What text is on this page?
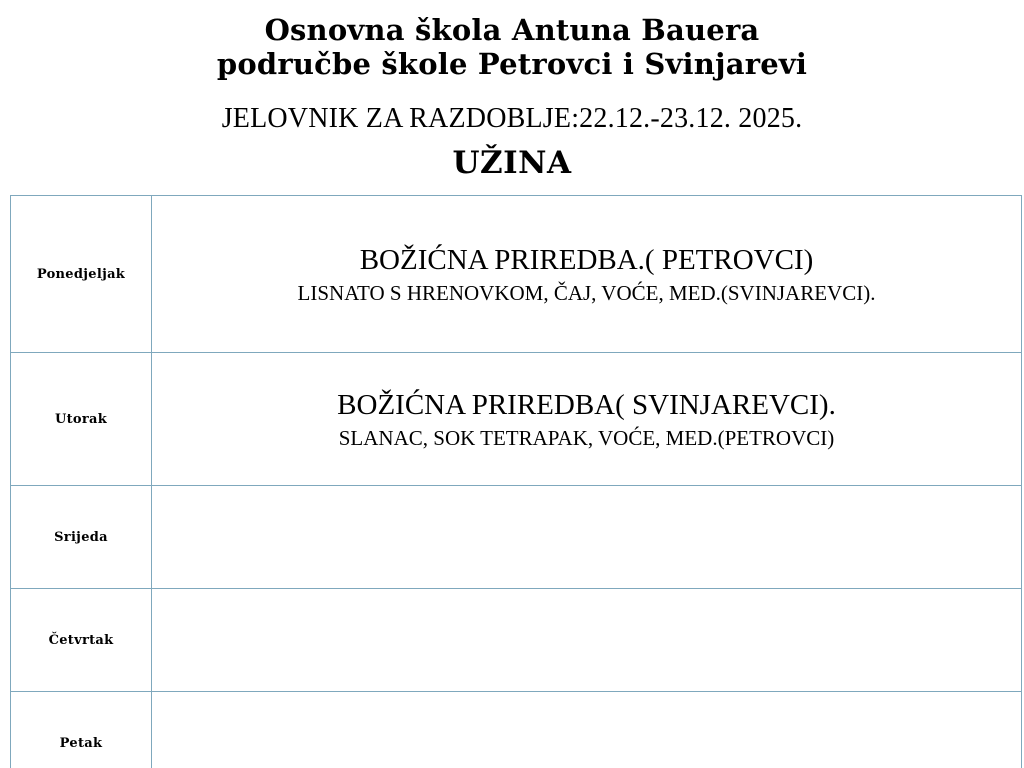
Osnovna škola Antuna Bauera
područbe škole Petrovci i Svinjarevi
JELOVNIK ZA RAZDOBLJE:22.12.-23.12. 2025.
UŽINA
Ponedjeljak	BOŽIĆNA PRIREDBA.( PETROVCI)
LISNATO S HRENOVKOM, ČAJ, VOĆE, MED.(SVINJAREVCI).

Utorak	BOŽIĆNA PRIREDBA( SVINJAREVCI).
SLANAC, SOK TETRAPAK, VOĆE, MED.(PETROVCI)

Srijeda	

Četvrtak	

Petak	
